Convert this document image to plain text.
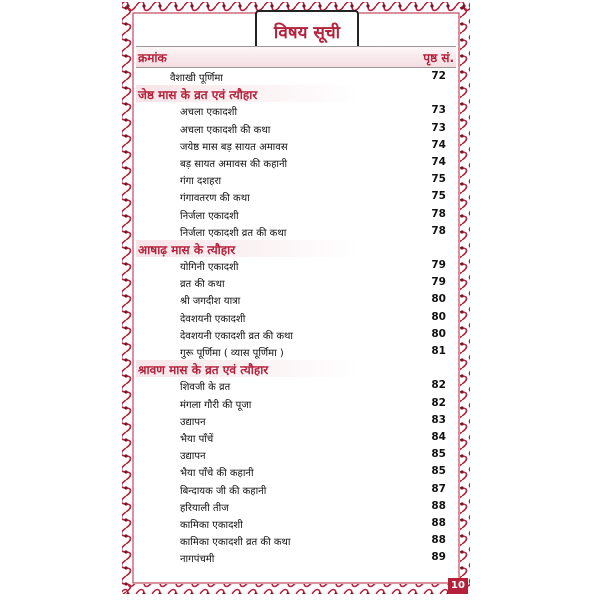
विषय सूची
क्रमांक	पृष्ठ सं.
वैशाखी पूर्णिमा	72
जेष्ठ मास के व्रत एवं त्यौहार
अचला एकादशी	73
अचला एकादशी की कथा	73
जयेष्ठ मास बड़ सायत अमावस	74
बड़ सायत अमावस की कहानी	74
गंगा दशहरा	75
गंगावतरण की कथा	75
निर्जला एकादशी	78
निर्जला एकादशी व्रत की कथा	78
आषाढ़ मास के त्यौहार
योगिनी एकादशी	79
व्रत की कथा	79
श्री जगदीश यात्रा	80
देवशयनी एकादशी	80
देवशयनी एकादशी व्रत की कथा	80
गुरू पूर्णिमा ( व्यास पूर्णिमा )	81
श्रावण मास के व्रत एवं त्यौहार
शिवजी के व्रत	82
मंगला गौरी की पूजा	82
उद्यापन	83
भैया पाँचें	84
उद्यापन	85
भैया पाँचे की कहानी	85
बिन्दायक जी की कहानी	87
हरियाली तीज	88
कामिका एकादशी	88
कामिका एकादशी व्रत की कथा	88
नागपंचमी	89
10
